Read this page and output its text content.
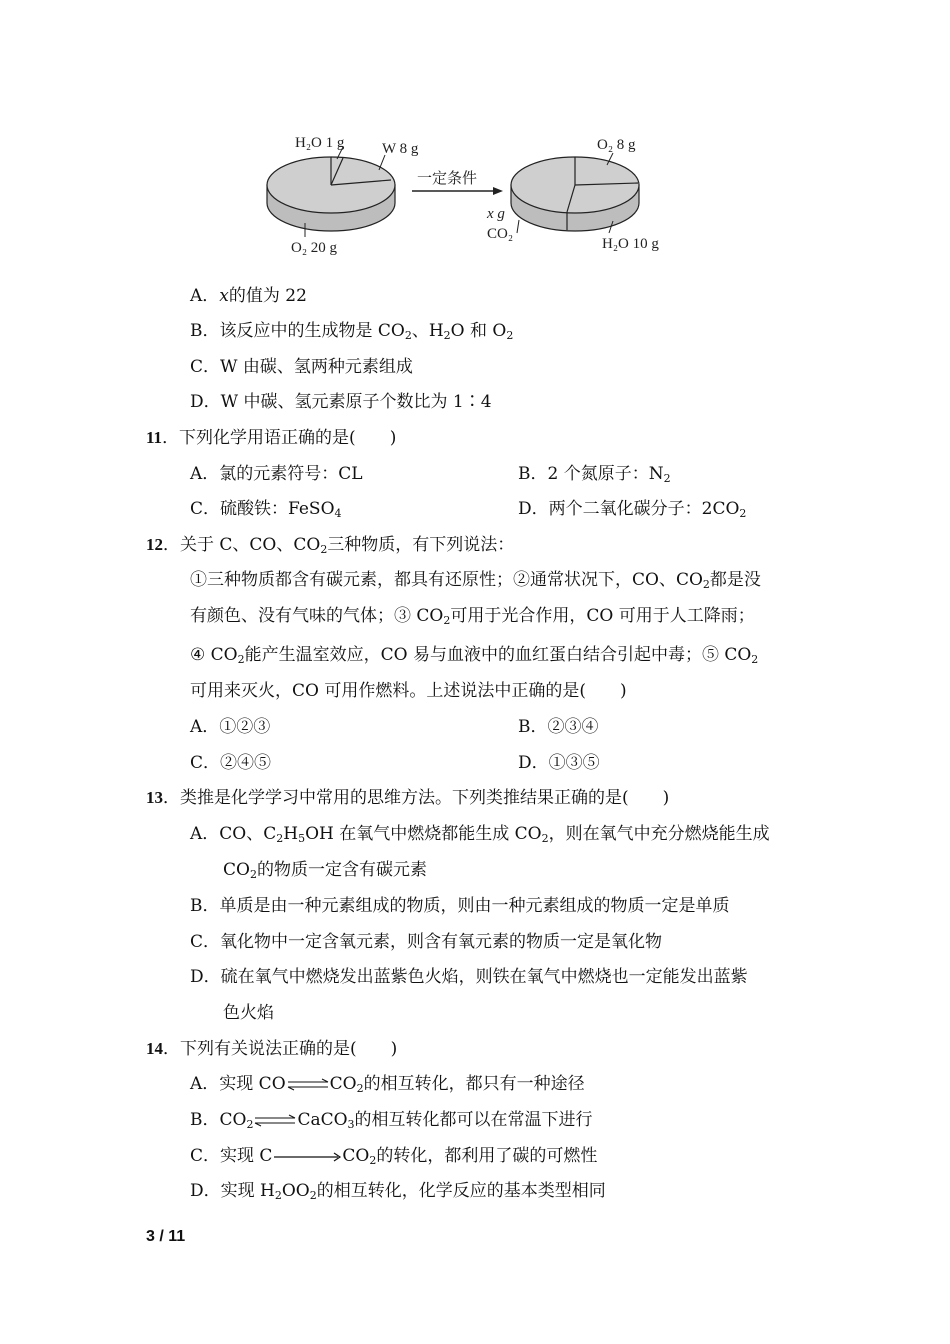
H₂O 1 g	W 8 g
O₂ 20 g
一定条件
O₂ 8 g
x g
CO₂
H₂O 10 g
A．x的值为 22
B．该反应中的生成物是 $CO_2$、$H_2O$ 和 $O_2$
C．W 由碳、氢两种元素组成
D．W 中碳、氢元素原子个数比为 1∶4
11．下列化学用语正确的是(　　)
A．氯的元素符号：CL	B．2 个氮原子：$N_2$
C．硫酸铁：FeSO$_4$	D．两个二氧化碳分子：$2CO_2$
12．关于 C、CO、$CO_2$三种物质，有下列说法：
①三种物质都含有碳元素，都具有还原性；②通常状况下，CO、$CO_2$都是没
有颜色、没有气味的气体；③ $CO_2$可用于光合作用，CO 可用于人工降雨；
④ $CO_2$能产生温室效应，CO 易与血液中的血红蛋白结合引起中毒；⑤ $CO_2$
可用来灭火，CO 可用作燃料。上述说法中正确的是(　　)
A．①②③	B．②③④
C．②④⑤	D．①③⑤
13．类推是化学学习中常用的思维方法。下列类推结果正确的是(　　)
A．CO、$C_2H_5OH$ 在氧气中燃烧都能生成 $CO_2$，则在氧气中充分燃烧能生成
$CO_2$的物质一定含有碳元素
B．单质是由一种元素组成的物质，则由一种元素组成的物质一定是单质
C．氧化物中一定含氧元素，则含有氧元素的物质一定是氧化物
D．硫在氧气中燃烧发出蓝紫色火焰，则铁在氧气中燃烧也一定能发出蓝紫
色火焰
14．下列有关说法正确的是(　　)
A．实现 CO	$CO_2$的相互转化，都只有一种途径
B．$CO_2$	CaCO$_3$的相互转化都可以在常温下进行
C．实现 C	$CO_2$的转化，都利用了碳的可燃性
D．实现 $H_2OO_2$的相互转化，化学反应的基本类型相同
3 / 11
